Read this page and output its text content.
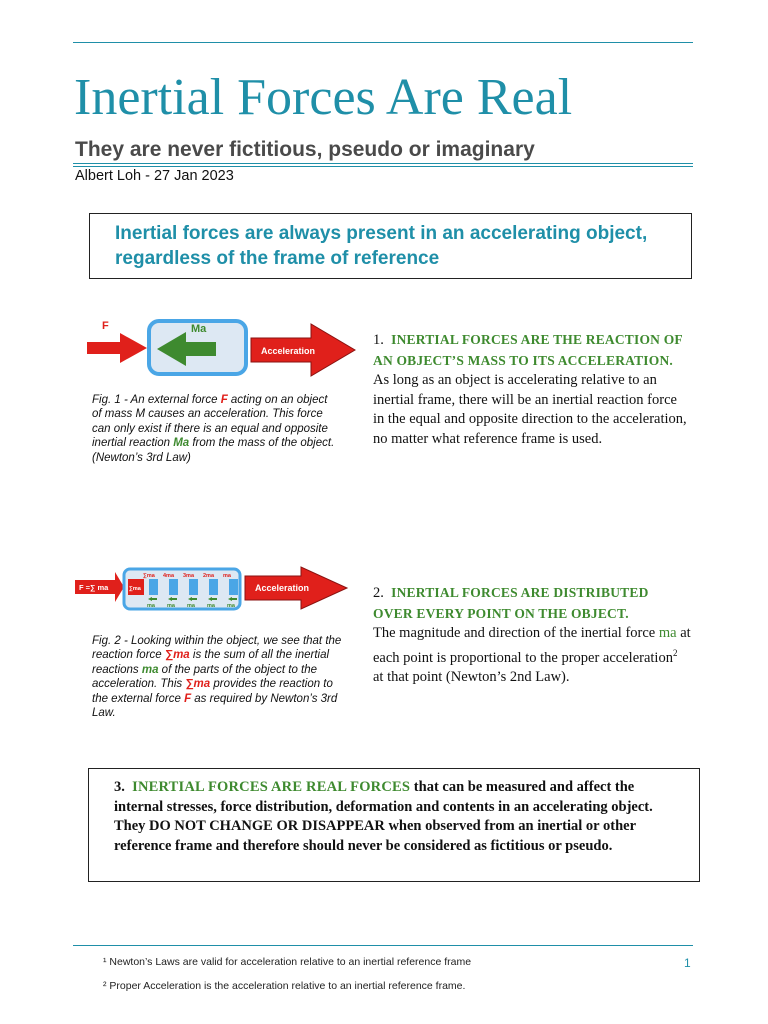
Inertial Forces Are Real
They are never fictitious, pseudo or imaginary
Albert Loh - 27 Jan 2023
Inertial forces are always present in an accelerating object, regardless of the frame of reference
F	Ma
Acceleration
Fig. 1 - An external force F acting on an object of mass M causes an acceleration. This force can only exist if there is an equal and opposite inertial reaction Ma from the mass of the object. (Newton’s 3rd Law)
1. INERTIAL FORCES ARE THE REACTION OF AN OBJECT’S MASS TO ITS ACCELERATION.
As long as an object is accelerating relative to an inertial frame, there will be an inertial reaction force in the equal and opposite direction to the acceleration, no matter what reference frame is used.
F =∑ ma	∑ma
∑ma
ma
4ma
ma
3ma
ma
2ma
ma
ma
ma
Acceleration
Fig. 2 - Looking within the object, we see that the reaction force ∑ma is the sum of all the inertial reactions ma of the parts of the object to the acceleration. This ∑ma provides the reaction to the external force F as required by Newton’s 3rd Law.
2. INERTIAL FORCES ARE DISTRIBUTED OVER EVERY POINT ON THE OBJECT.
The magnitude and direction of the inertial force ma at each point is proportional to the proper acceleration$^2$ at that point (Newton’s 2nd Law).
3. INERTIAL FORCES ARE REAL FORCES that can be measured and affect the internal stresses, force distribution, deformation and contents in an accelerating object. They DO NOT CHANGE OR DISAPPEAR when observed from an inertial or other reference frame and therefore should never be considered as fictitious or pseudo.
¹ Newton’s Laws are valid for acceleration relative to an inertial reference frame	1
² Proper Acceleration is the acceleration relative to an inertial reference frame.
